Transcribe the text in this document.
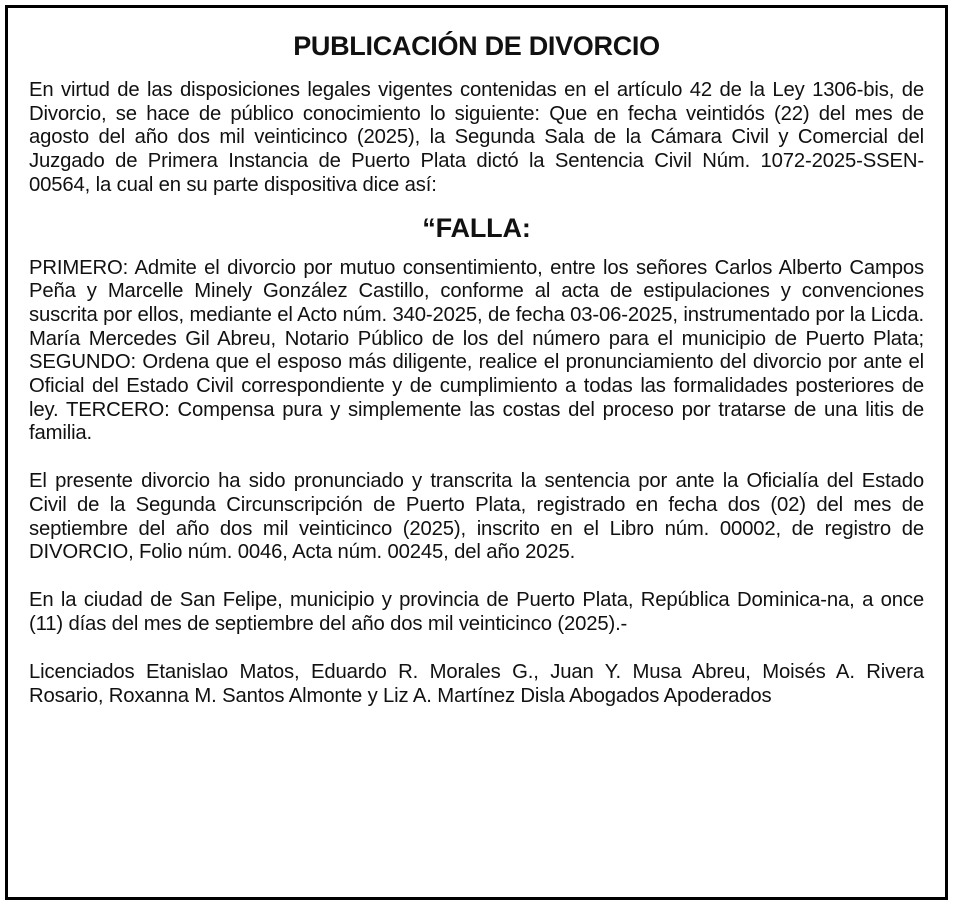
PUBLICACIÓN DE DIVORCIO

En virtud de las disposiciones legales vigentes contenidas en el artículo 42 de la Ley 1306-bis, de Divorcio, se hace de público conocimiento lo siguiente: Que en fecha veintidós (22) del mes de agosto del año dos mil veinticinco (2025), la Segunda Sala de la Cámara Civil y Comercial del Juzgado de Primera Instancia de Puerto Plata dictó la Sentencia Civil Núm. 1072-2025-SSEN-00564, la cual en su parte dispositiva dice así:

“FALLA:

PRIMERO: Admite el divorcio por mutuo consentimiento, entre los señores Carlos Alberto Campos Peña y Marcelle Minely González Castillo, conforme al acta de estipulaciones y convenciones suscrita por ellos, mediante el Acto núm. 340-2025, de fecha 03-06-2025, instrumentado por la Licda. María Mercedes Gil Abreu, Notario Público de los del número para el municipio de Puerto Plata; SEGUNDO: Ordena que el esposo más diligente, realice el pronunciamiento del divorcio por ante el Oficial del Estado Civil correspondiente y de cumplimiento a todas las formalidades posteriores de ley. TERCERO: Compensa pura y simplemente las costas del proceso por tratarse de una litis de familia.

El presente divorcio ha sido pronunciado y transcrita la sentencia por ante la Oficialía del Estado Civil de la Segunda Circunscripción de Puerto Plata, registrado en fecha dos (02) del mes de septiembre del año dos mil veinticinco (2025), inscrito en el Libro núm. 00002, de registro de DIVORCIO, Folio núm. 0046, Acta núm. 00245, del año 2025.

En la ciudad de San Felipe, municipio y provincia de Puerto Plata, República Dominica-na, a once (11) días del mes de septiembre del año dos mil veinticinco (2025).-

Licenciados Etanislao Matos, Eduardo R. Morales G., Juan Y. Musa Abreu, Moisés A. Rivera Rosario, Roxanna M. Santos Almonte y Liz A. Martínez Disla Abogados Apoderados
